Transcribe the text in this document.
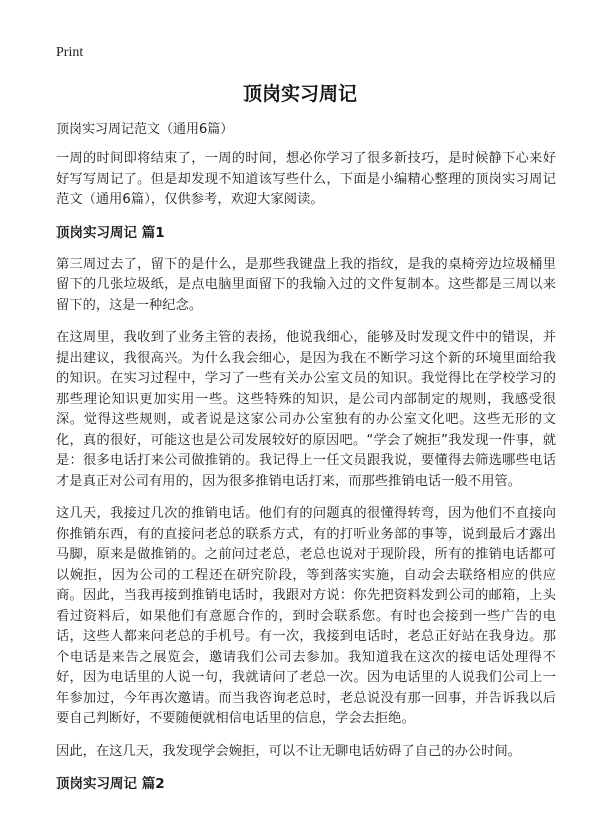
Print
顶岗实习周记
顶岗实习周记范文（通用6篇）

一周的时间即将结束了，一周的时间，想必你学习了很多新技巧，是时候静下心来好好写写周记了。但是却发现不知道该写些什么，下面是小编精心整理的顶岗实习周记范文（通用6篇），仅供参考，欢迎大家阅读。

顶岗实习周记 篇1

第三周过去了，留下的是什么，是那些我键盘上我的指纹，是我的桌椅旁边垃圾桶里留下的几张垃圾纸，是点电脑里面留下的我输入过的文件复制本。这些都是三周以来留下的，这是一种纪念。

在这周里，我收到了业务主管的表扬，他说我细心，能够及时发现文件中的错误，并提出建议，我很高兴。为什么我会细心，是因为我在不断学习这个新的环境里面给我的知识。在实习过程中，学习了一些有关办公室文员的知识。我觉得比在学校学习的那些理论知识更加实用一些。这些特殊的知识，是公司内部制定的规则，我感受很深。觉得这些规则，或者说是这家公司办公室独有的办公室文化吧。这些无形的文化，真的很好，可能这也是公司发展较好的原因吧。“学会了婉拒”我发现一件事，就是：很多电话打来公司做推销的。我记得上一任文员跟我说，要懂得去筛选哪些电话才是真正对公司有用的，因为很多推销电话打来，而那些推销电话一般不用管。

这几天，我接过几次的推销电话。他们有的问题真的很懂得转弯，因为他们不直接向你推销东西，有的直接问老总的联系方式，有的打听业务部的事等，说到最后才露出马脚，原来是做推销的。之前问过老总，老总也说对于现阶段，所有的推销电话都可以婉拒，因为公司的工程还在研究阶段，等到落实实施，自动会去联络相应的供应商。因此，当我再接到推销电话时，我跟对方说：你先把资料发到公司的邮箱，上头看过资料后，如果他们有意愿合作的，到时会联系您。有时也会接到一些广告的电话，这些人都来问老总的手机号。有一次，我接到电话时，老总正好站在我身边。那个电话是来告之展览会，邀请我们公司去参加。我知道我在这次的接电话处理得不好，因为电话里的人说一句，我就请问了老总一次。因为电话里的人说我们公司上一年参加过，今年再次邀请。而当我咨询老总时，老总说没有那一回事，并告诉我以后要自己判断好，不要随便就相信电话里的信息，学会去拒绝。

因此，在这几天，我发现学会婉拒，可以不让无聊电话妨碍了自己的办公时间。

顶岗实习周记 篇2
